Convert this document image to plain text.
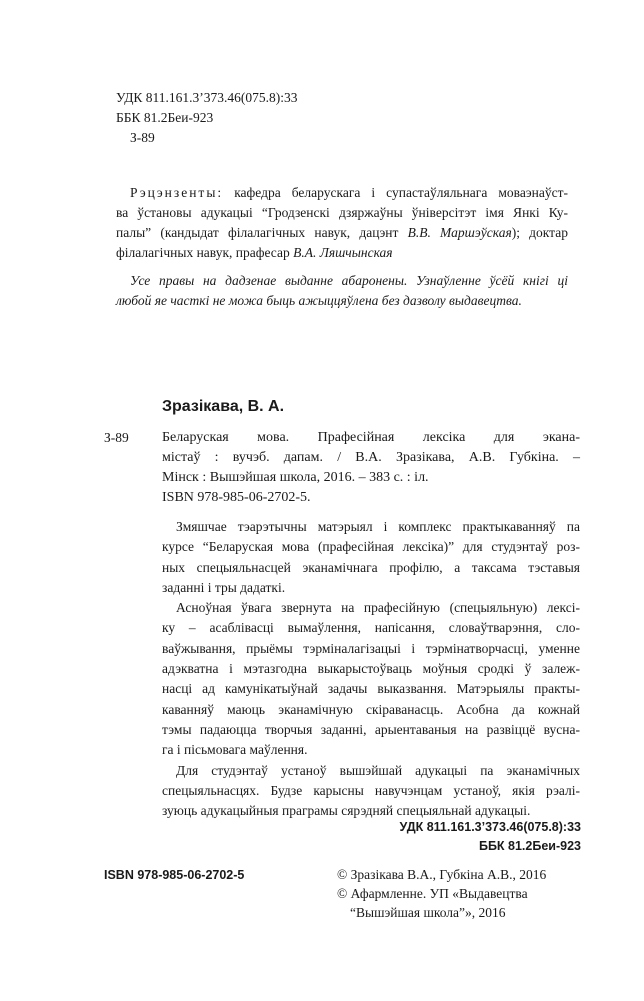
УДК 811.161.3’373.46(075.8):33
ББК 81.2Беи-923
З-89
Рэцэнзенты: кафедра беларускага і супастаўляльнага моваэнаўст-
ва ўстановы адукацыі “Гродзенскі дзяржаўны ўніверсітэт імя Янкі Ку-
палы” (кандыдат філалагічных навук, дацэнт В.В. Маршэўская); доктар
філалагічных навук, прафесар В.А. Ляшчынская
Усе правы на дадзенае выданне абаронены. Узнаўленне ўсёй кнігі ці
любой яе часткі не можа быць ажыццяўлена без дазволу выдавецтва.
Зразікава, В. А.
З-89 Беларуская мова. Прафесійная лексіка для эканa-
містаў : вучэб. дапам. / В.А. Зразікава, А.В. Губкіна. –
Мінск : Вышэйшая школа, 2016. – 383 с. : іл.
ISBN 978-985-06-2702-5.
Змяшчае тэарэтычны матэрыял і комплекс практыкаванняў па
курсе “Беларуская мова (прафесійная лексіка)” для студэнтаў роз-
ных спецыяльнасцей эканамічнага профілю, а таксама тэставыя
заданні і тры дадаткі.
Асноўная ўвага звернута на прафесійную (спецыяльную) лексі-
ку – асаблівасці вымаўлення, напісання, словаўтварэння, сло-
ваўжывання, прыёмы тэрміналагізацыі і тэрмінатворчасці, уменне
адэкватна і мэтазгодна выкарыстоўваць моўныя сродкі ў залеж-
насці ад камунікатыўнай задачы выказвання. Матэрыялы практы-
каванняў маюць эканамічную скіраванасць. Асобна да кожнай
тэмы падаюцца творчыя заданні, арыентаваныя на развіццё вусна-
га і пісьмовага маўлення.
Для студэнтаў устаноў вышэйшай адукацыі па эканамічных
спецыяльнасцях. Будзе карысны навучэнцам устаноў, якія рэалі-
зуюць адукацыйныя праграмы сярэдняй спецыяльнай адукацыі.
УДК 811.161.3’373.46(075.8):33
ББК 81.2Беи-923
ISBN 978-985-06-2702-5	© Зразікава В.А., Губкіна А.В., 2016
© Афармленне. УП «Выдавецтва
“Вышэйшая школа”», 2016
